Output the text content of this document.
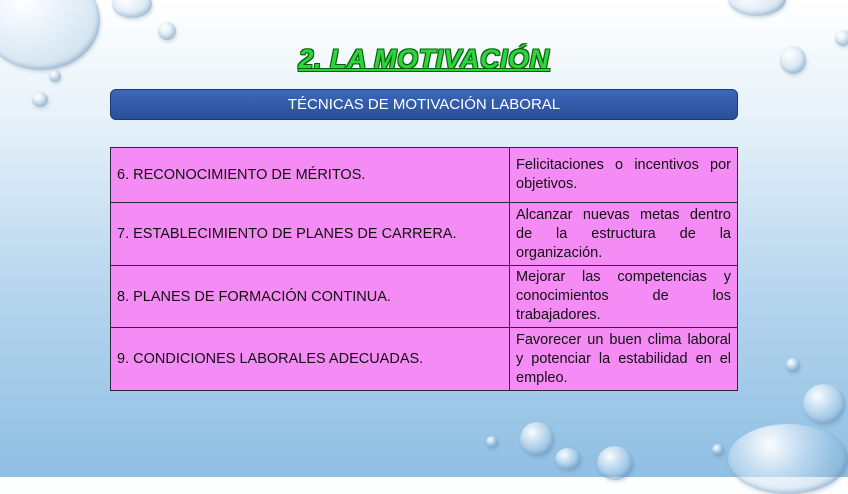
2. LA MOTIVACIÓN
TÉCNICAS DE MOTIVACIÓN LABORAL
6. RECONOCIMIENTO DE MÉRITOS.	Felicitaciones o incentivos por objetivos.
7. ESTABLECIMIENTO DE PLANES DE CARRERA.	Alcanzar nuevas metas dentro de la estructura de la organización.
8. PLANES DE FORMACIÓN CONTINUA.	Mejorar las competencias y conocimientos de los trabajadores.
9. CONDICIONES LABORALES ADECUADAS.	Favorecer un buen clima laboral y potenciar la estabilidad en el empleo.
